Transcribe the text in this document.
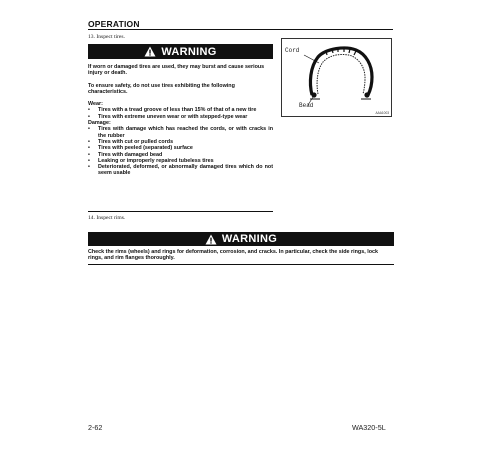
OPERATION
13. Inspect tires.
WARNING

If worn or damaged tires are used, they may burst and cause serious injury or death.

To ensure safety, do not use tires exhibiting the following characteristics.

Wear:
• Tires with a tread groove of less than 15% of that of a new tire
• Tires with extreme uneven wear or with stepped-type wear
Damage:
• Tires with damage which has reached the cords, or with cracks in the rubber
• Tires with cut or pulled cords
• Tires with peeled (separated) surface
• Tires with damaged bead
• Leaking or improperly repaired tubeless tires
• Deteriorated, deformed, or abnormally damaged tires which do not seem usable
Cord
Bead
AAA1003
14. Inspect rims.
WARNING
Check the rims (wheels) and rings for deformation, corrosion, and cracks. In particular, check the side rings, lock rings, and rim flanges thoroughly.
2-62	WA320-5L
